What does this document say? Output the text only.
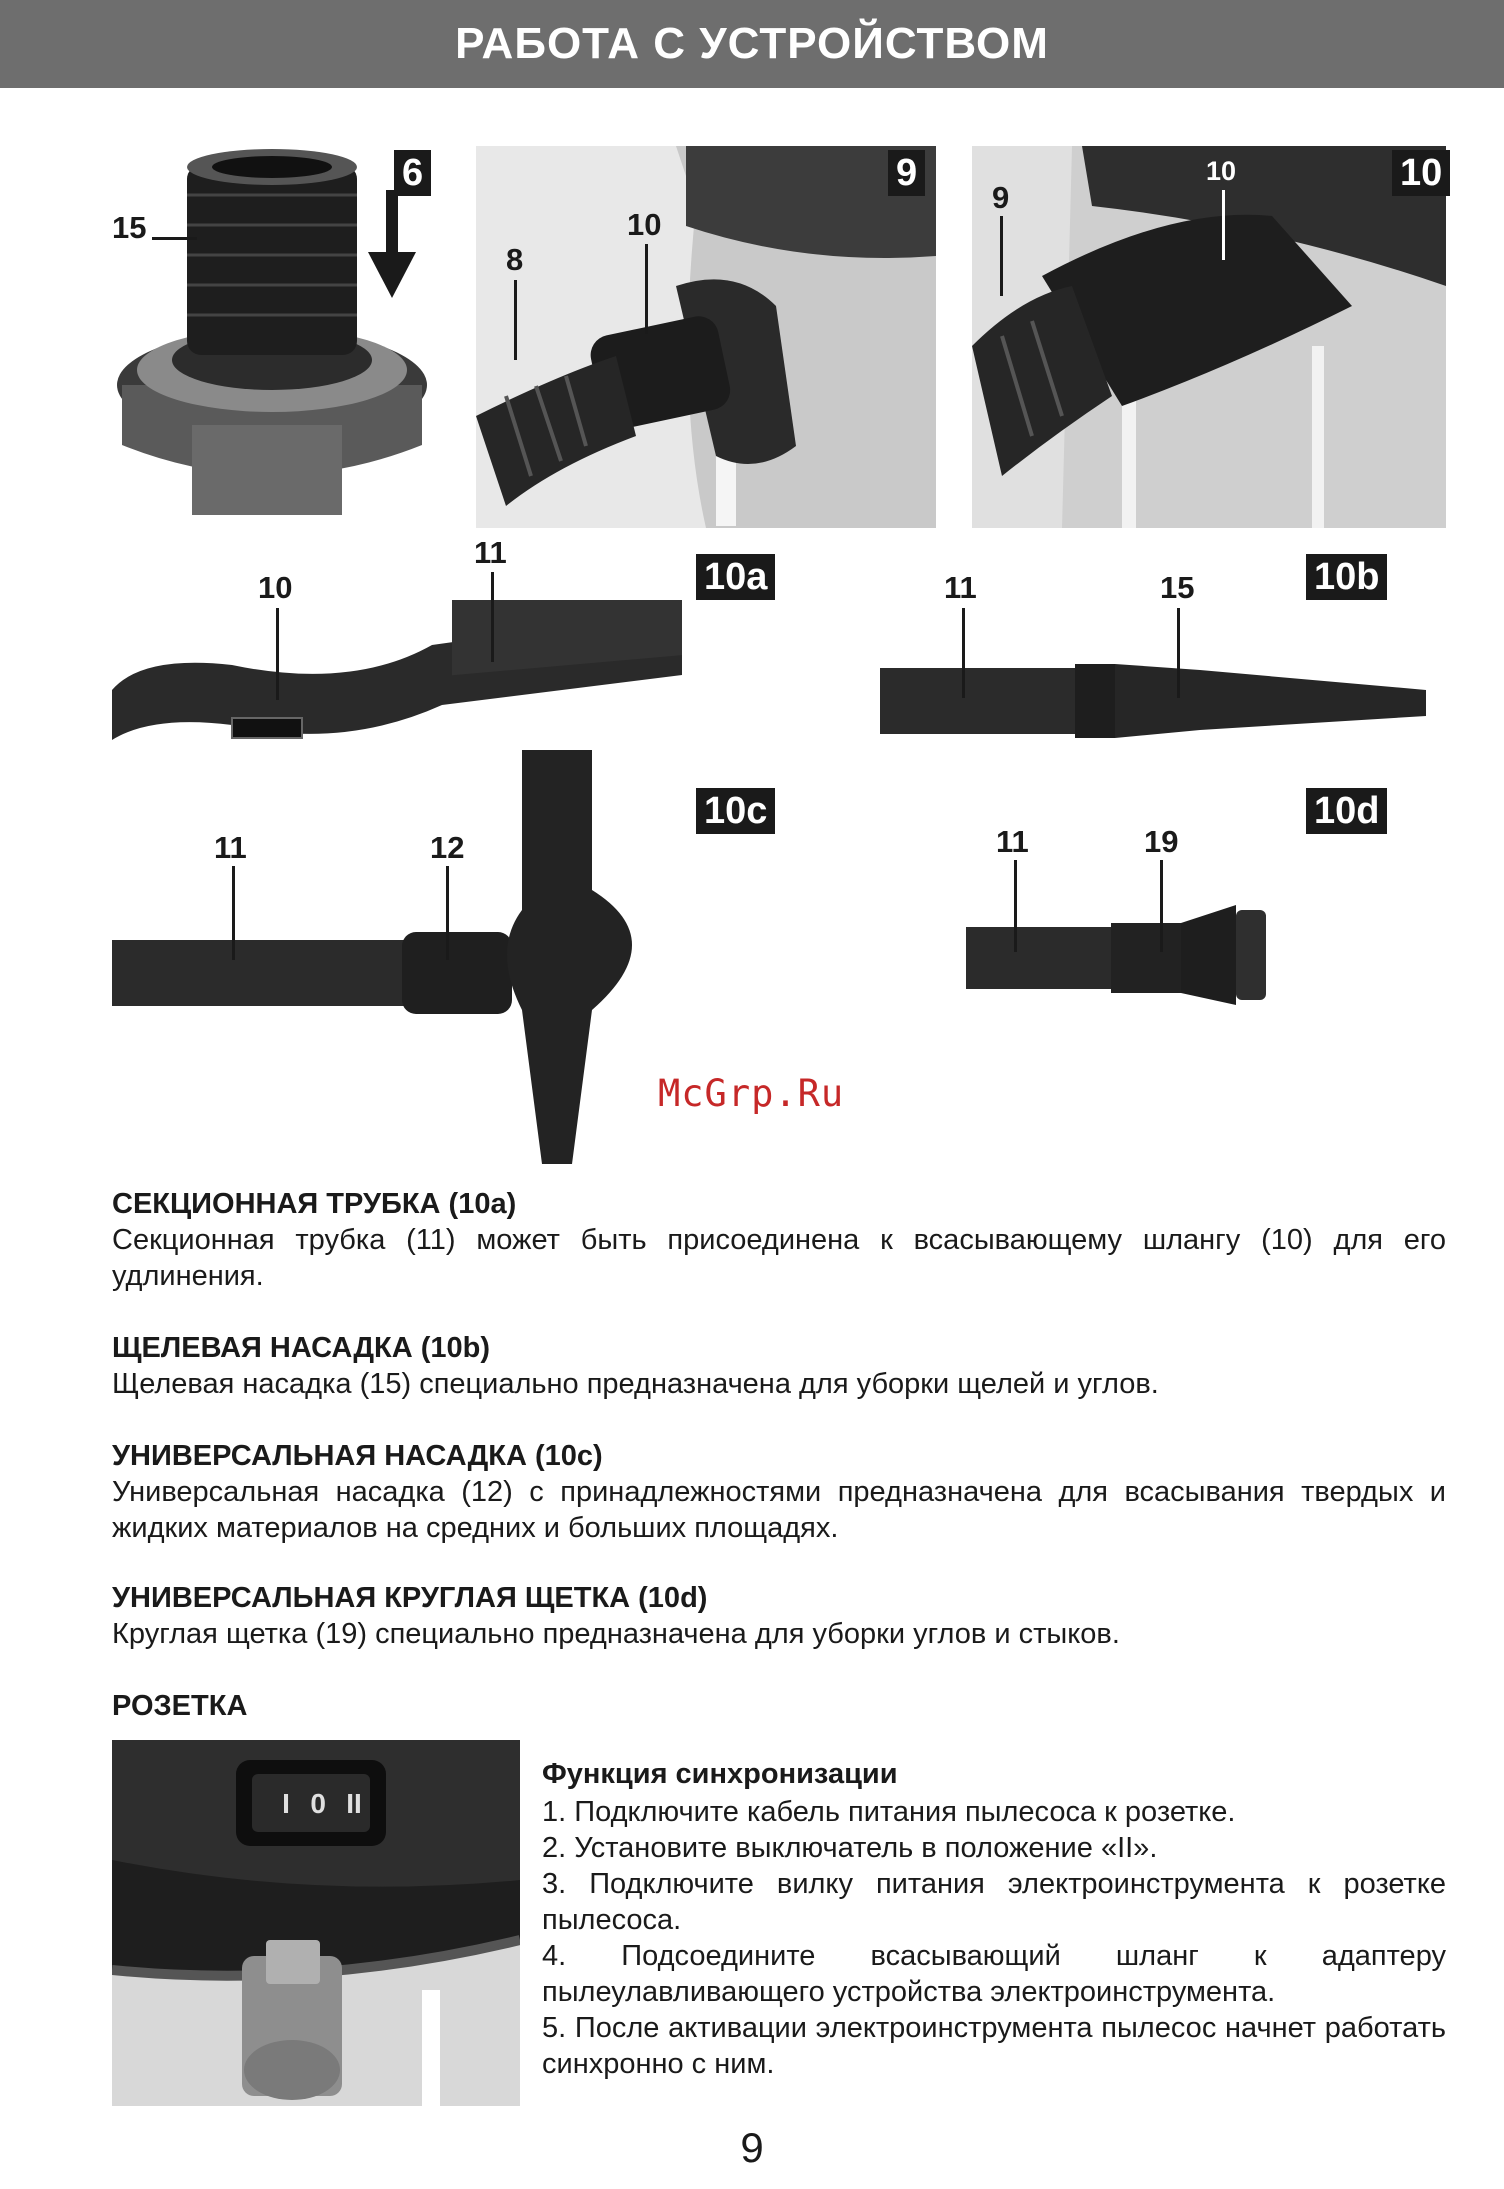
РАБОТА С УСТРОЙСТВОМ
15
6
8
10
9
9
10	10
10
11
10a	11	15	10b
11	12
10c
11	19
10d
McGrp.Ru
СЕКЦИОННАЯ ТРУБКА (10a)

Секционная трубка (11) может быть присоединена к всасывающему шлангу (10) для его удлинения.

ЩЕЛЕВАЯ НАСАДКА (10b)

Щелевая насадка (15) специально предназначена для уборки щелей и углов.

УНИВЕРСАЛЬНАЯ НАСАДКА (10c)

Универсальная насадка (12) с принадлежностями предназначена для всасывания твердых и жидких материалов на средних и больших площадях.

УНИВЕРСАЛЬНАЯ КРУГЛАЯ ЩЕТКА (10d)

Круглая щетка (19) специально предназначена для уборки углов и стыков.

РОЗЕТКА
I 0 II
Функция синхронизации
1. Подключите кабель питания пылесоса к розетке.
2. Установите выключатель в положение «II».
3. Подключите вилку питания электроинструмента к розетке пылесоса.
4. Подсоедините всасывающий шланг к адаптеру пылеулавливающего устройства электроинструмента.
5. После активации электроинструмента пылесос начнет работать синхронно с ним.
9
